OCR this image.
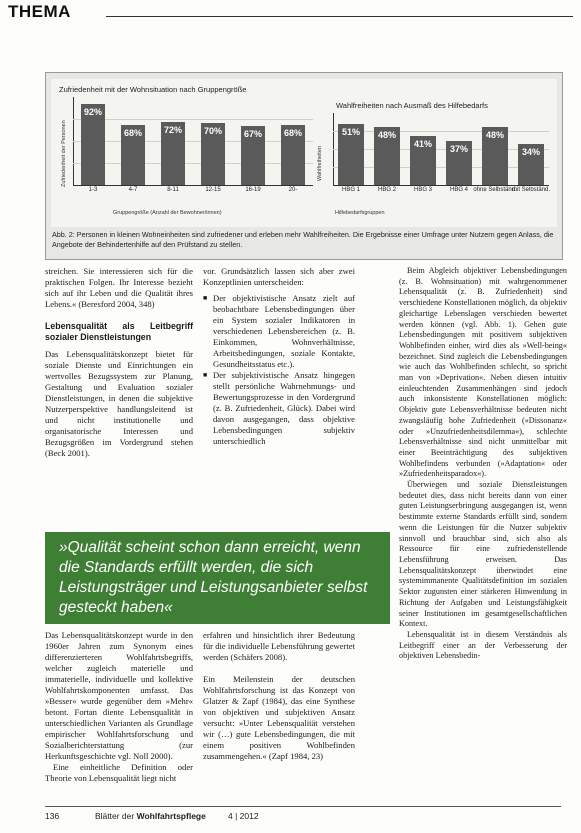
THEMA
Zufriedenheit mit der Wohnsituation nach Gruppengröße
Zufriedenheit der Personen
92%
1-3
68%
4-7
72%
8-11
70%
12-15
67%
16-19
68%
20-
Gruppengröße (Anzahl der Bewohner/innen)
Wahlfreiheiten nach Ausmaß des Hilfebedarfs
Wahlfreiheiten
51%
HBG 1
48%
HBG 2
41%
HBG 3
37%
HBG 4
48%
ohne Selbständ.
34%
mit Selbständ.
Hilfebedarfsgruppen
Abb. 2: Personen in kleinen Wohneinheiten sind zufriedener und erleben mehr Wahlfreiheiten. Die Ergebnisse einer Umfrage unter Nutzern gegen Anlass, die Angebote der Behindertenhilfe auf den Prüfstand zu stellen.

streichen. Sie interessieren sich für die praktischen Folgen. Ihr Interesse bezieht sich auf ihr Leben und die Qualität ihres Lebens.« (Beresford 2004, 348)

Lebensqualität als Leitbegriff sozialer Dienstleistungen

Das Lebensqualitätskonzept bietet für soziale Dienste und Einrichtungen ein wertvolles Bezugssystem zur Planung, Gestaltung und Evaluation sozialer Dienstleistungen, in denen die subjektive Nutzerperspektive handlungsleitend ist und nicht institutionelle und organisatorische Interessen und Bezugsgrößen im Vordergrund stehen (Beck 2001).

vor. Grundsätzlich lassen sich aber zwei Konzeptlinien unterscheiden:

■ Der objektivistische Ansatz zielt auf beobachtbare Lebensbedingungen über ein System sozialer Indikatoren in verschiedenen Lebensbereichen (z. B. Einkommen, Wohnverhältnisse, Arbeitsbedingungen, soziale Kontakte, Gesundheitsstatus etc.).

■ Der subjektivistische Ansatz hingegen stellt persönliche Wahrnehmungs- und Bewertungsprozesse in den Vordergrund (z. B. Zufriedenheit, Glück). Dabei wird davon ausgegangen, dass objektive Lebensbedingungen subjektiv unterschiedlich

»Qualität scheint schon dann erreicht, wenn die Standards erfüllt werden, die sich Leistungsträger und Leistungsanbieter selbst gesteckt haben«

Das Lebensqualitätskonzept wurde in den 1960er Jahren zum Synonym eines differenzierteren Wohlfahrtsbegriffs, welcher zugleich materielle und immaterielle, individuelle und kollektive Wohlfahrtskomponenten umfasst. Das »Besser« wurde gegenüber dem »Mehr« betont. Fortan diente Lebensqualität in unterschiedlichen Varianten als Grundlage empirischer Wohlfahrtsforschung und Sozialberichterstattung (zur Herkunftsgeschichte vgl. Noll 2000).

Eine einheitliche Definition oder Theorie von Lebensqualität liegt nicht

erfahren und hinsichtlich ihrer Bedeutung für die individuelle Lebensführung gewertet werden (Schäfers 2008).

Ein Meilenstein der deutschen Wohlfahrtsforschung ist das Konzept von Glatzer & Zapf (1984), das eine Synthese von objektiven und subjektiven Ansatz versucht: »Unter Lebensqualität verstehen wir (…) gute Lebensbedingungen, die mit einem positiven Wohlbefinden zusammengehen.« (Zapf 1984, 23)

Beim Abgleich objektiver Lebensbedingungen (z. B. Wohnsituation) mit wahrgenommener Lebensqualität (z. B. Zufriedenheit) sind verschiedene Konstellationen möglich, da objektiv gleichartige Lebenslagen verschieden bewertet werden können (vgl. Abb. 1). Gehen gute Lebensbedingungen mit positivem subjektiven Wohlbefinden einher, wird dies als »Well-being« bezeichnet. Sind zugleich die Lebensbedingungen wie auch das Wohlbefinden schlecht, so spricht man von »Deprivation«. Neben diesen intuitiv einleuchtenden Zusammenhängen sind jedoch auch inkonsistente Konstellationen möglich: Objektiv gute Lebensverhältnisse bedeuten nicht zwangsläufig hohe Zufriedenheit (»Dissonanz« oder »Unzufriedenheitsdilemma«), schlechte Lebensverhältnisse sind nicht unmittelbar mit einer Beeinträchtigung des subjektiven Wohlbefindens verbunden (»Adaptation« oder »Zufriedenheitsparadox«).

Überwiegen und soziale Dienstleistungen bedeutet dies, dass nicht bereits dann von einer guten Leistungserbringung ausgegangen ist, wenn bestimmte externe Standards erfüllt sind, sondern wenn die Leistungen für die Nutzer subjektiv sinnvoll und brauchbar sind, sich also als Ressource für eine zufriedenstellende Lebensführung erweisen. Das Lebensqualitätskonzept überwindet eine systemimmanente Qualitätsdefinition im sozialen Sektor zugunsten einer stärkeren Hinwendung in Richtung der Aufgaben und Leistungsfähigkeit seiner Institutionen im gesamtgesellschaftlichen Kontext.

Lebensqualität ist in diesem Verständnis als Leitbegriff einer an der Verbesserung der objektiven Lebensbedin-

136	Blätter der Wohlfahrtspflege	4 | 2012
